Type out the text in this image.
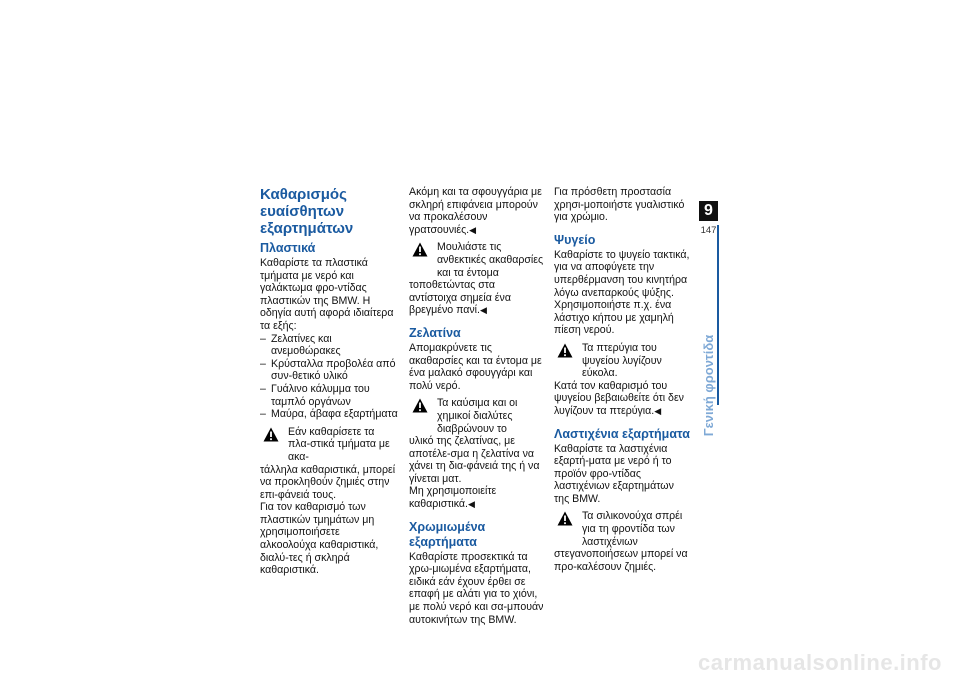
Καθαρισμός ευαίσθητων εξαρτημάτων
Πλαστικά

Καθαρίστε τα πλαστικά τμήματα με νερό και γαλάκτωμα φρο-ντίδας πλαστικών της BMW. Η οδηγία αυτή αφορά ιδιαίτερα τα εξής:

– Ζελατίνες και ανεμοθώρακες
– Κρύσταλλα προβολέα από συν-θετικό υλικό
– Γυάλινο κάλυμμα του ταμπλό οργάνων
– Μαύρα, άβαφα εξαρτήματα
Εάν καθαρίσετε τα πλα-στικά τμήματα με ακα-

τάλληλα καθαριστικά, μπορεί να προκληθούν ζημιές στην επι-φάνειά τους.

Για τον καθαρισμό των πλαστικών τμημάτων μη χρησιμοποιήσετε αλκοολούχα καθαριστικά, διαλύ-τες ή σκληρά καθαριστικά.

Ακόμη και τα σφουγγάρια με σκληρή επιφάνεια μπορούν να προκαλέσουν γρατσουνιές.◀

Μουλιάστε τις ανθεκτικές ακαθαρσίες και τα έντομα

τοποθετώντας στα αντίστοιχα σημεία ένα βρεγμένο πανί.◀

Ζελατίνα

Απομακρύνετε τις ακαθαρσίες και τα έντομα με ένα μαλακό σφουγγάρι και πολύ νερό.

Τα καύσιμα και οι χημικοί διαλύτες διαβρώνουν το

υλικό της ζελατίνας, με αποτέλε-σμα η ζελατίνα να χάνει τη δια-φάνειά της ή να γίνεται ματ.

Μη χρησιμοποιείτε καθαριστικά.◀

Χρωμιωμένα εξαρτήματα

Καθαρίστε προσεκτικά τα χρω-μιωμένα εξαρτήματα, ειδικά εάν έχουν έρθει σε επαφή με αλάτι για το χιόνι, με πολύ νερό και σα-μπουάν αυτοκινήτων της BMW.

Για πρόσθετη προστασία χρησι-μοποιήστε γυαλιστικό για χρώμιο.

Ψυγείο

Καθαρίστε το ψυγείο τακτικά, για να αποφύγετε την υπερθέρμανση του κινητήρα λόγω ανεπαρκούς ψύξης.

Χρησιμοποιήστε π.χ. ένα λάστιχο κήπου με χαμηλή πίεση νερού.

Τα πτερύγια του ψυγείου λυγίζουν εύκολα.

Κατά τον καθαρισμό του ψυγείου βεβαιωθείτε ότι δεν λυγίζουν τα πτερύγια.◀

Λαστιχένια εξαρτήματα

Καθαρίστε τα λαστιχένια εξαρτή-ματα με νερό ή το προϊόν φρο-ντίδας λαστιχένιων εξαρτημάτων της BMW.

Τα σιλικονούχα σπρέι για τη φροντίδα των λαστιχένιων

στεγανοποιήσεων μπορεί να προ-καλέσουν ζημιές.

9
147
Γενική φροντίδα
carmanualsonline.info
